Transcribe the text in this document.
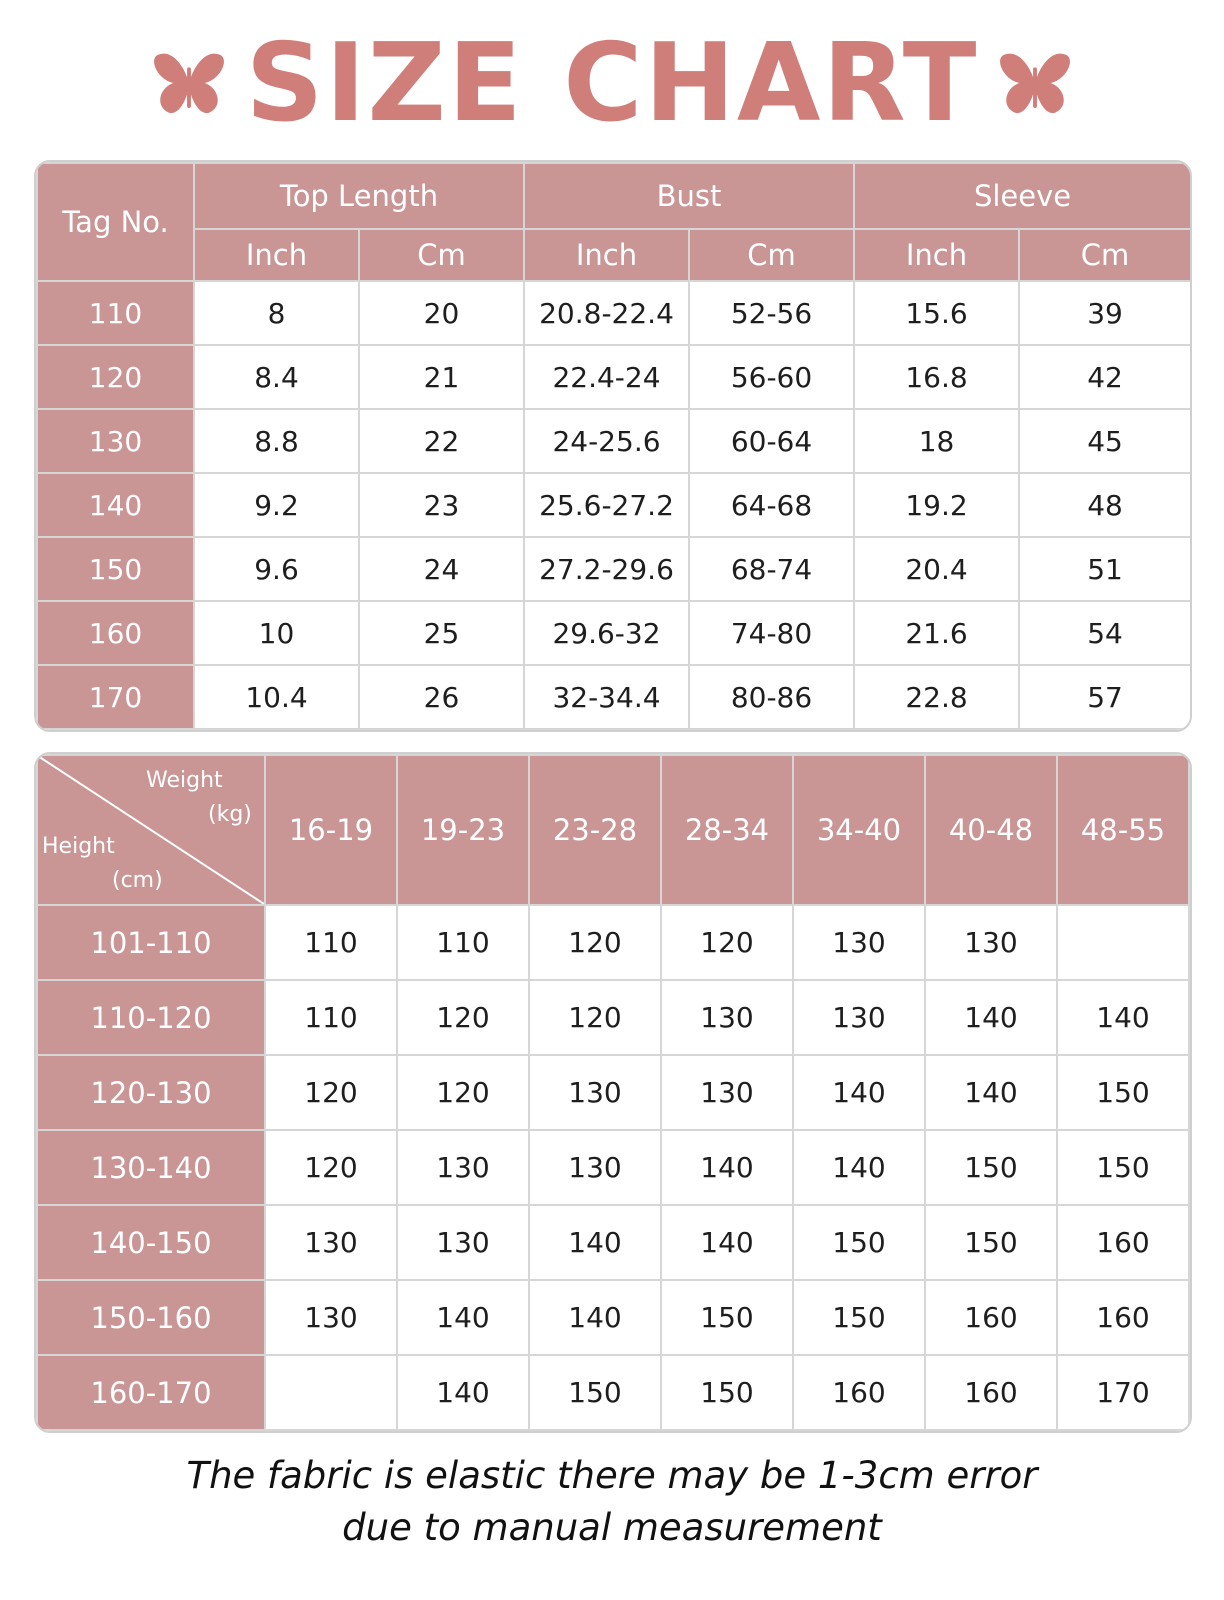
SIZE CHART
Tag No.	Top Length		Bust		Sleeve	
	Inch	Cm	Inch	Cm	Inch	Cm
110	8	20	20.8-22.4	52-56	15.6	39
120	8.4	21	22.4-24	56-60	16.8	42
130	8.8	22	24-25.6	60-64	18	45
140	9.2	23	25.6-27.2	64-68	19.2	48
150	9.6	24	27.2-29.6	68-74	20.4	51
160	10	25	29.6-32	74-80	21.6	54
170	10.4	26	32-34.4	80-86	22.8	57
Weight
(kg)
Height
(cm)	16-19	19-23	23-28	28-34	34-40	40-48	48-55
101-110	110	110	120	120	130	130	
110-120	110	120	120	130	130	140	140
120-130	120	120	130	130	140	140	150
130-140	120	130	130	140	140	150	150
140-150	130	130	140	140	150	150	160
150-160	130	140	140	150	150	160	160
160-170		140	150	150	160	160	170
The fabric is elastic there may be 1-3cm error
due to manual measurement
